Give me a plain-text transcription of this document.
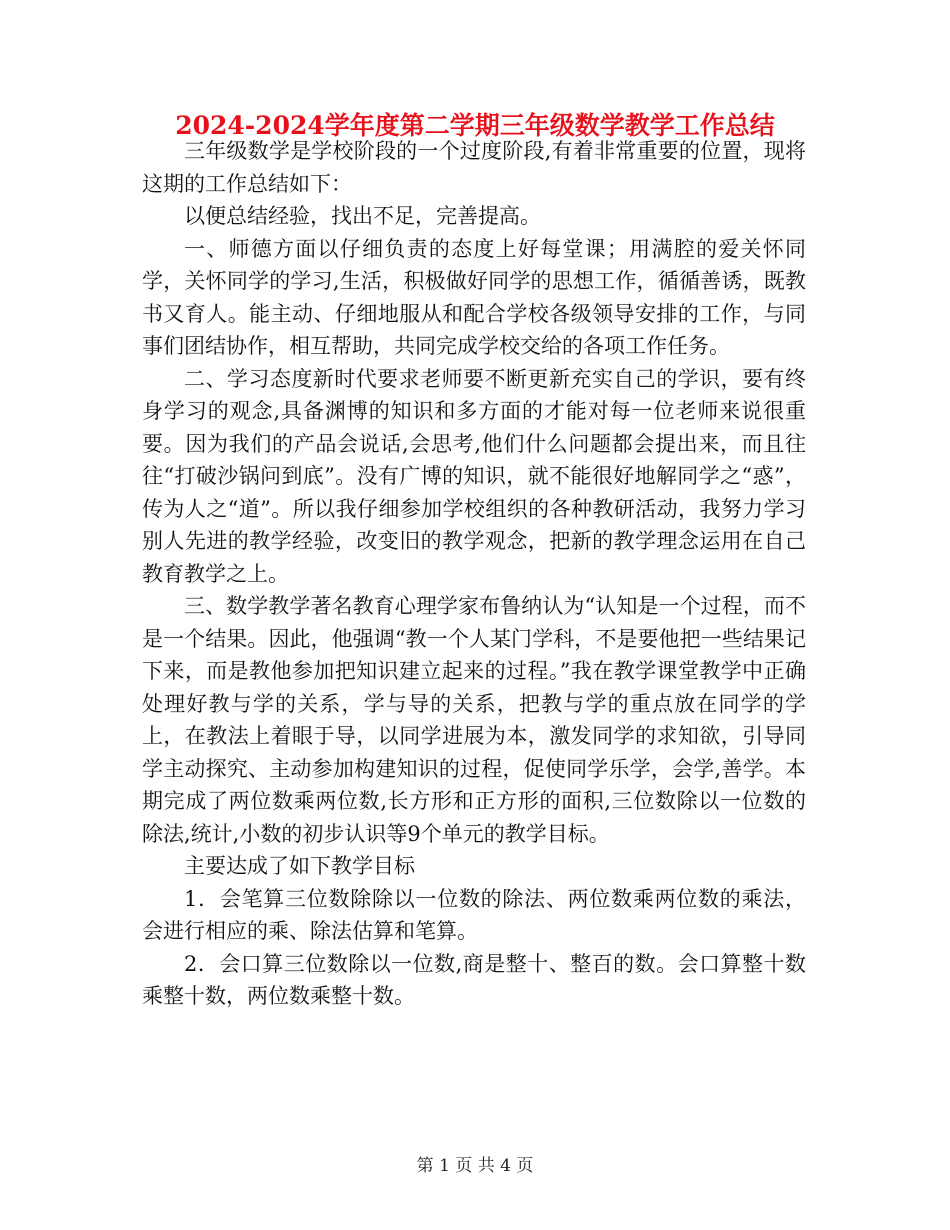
2024-2024学年度第二学期三年级数学教学工作总结

三年级数学是学校阶段的一个过度阶段,有着非常重要的位置，现将这期的工作总结如下：

以便总结经验，找出不足，完善提高。

一、师德方面以仔细负责的态度上好每堂课；用满腔的爱关怀同学，关怀同学的学习,生活，积极做好同学的思想工作，循循善诱，既教书又育人。能主动、仔细地服从和配合学校各级领导安排的工作，与同事们团结协作，相互帮助，共同完成学校交给的各项工作任务。

二、学习态度新时代要求老师要不断更新充实自己的学识，要有终身学习的观念,具备渊博的知识和多方面的才能对每一位老师来说很重要。因为我们的产品会说话,会思考,他们什么问题都会提出来，而且往往“打破沙锅问到底”。没有广博的知识，就不能很好地解同学之“惑”，传为人之“道”。所以我仔细参加学校组织的各种教研活动，我努力学习别人先进的教学经验，改变旧的教学观念，把新的教学理念运用在自己教育教学之上。

三、数学教学著名教育心理学家布鲁纳认为“认知是一个过程，而不是一个结果。因此，他强调“教一个人某门学科，不是要他把一些结果记下来，而是教他参加把知识建立起来的过程。”我在教学课堂教学中正确处理好教与学的关系，学与导的关系，把教与学的重点放在同学的学上，在教法上着眼于导，以同学进展为本，激发同学的求知欲，引导同学主动探究、主动参加构建知识的过程，促使同学乐学，会学,善学。本期完成了两位数乘两位数,长方形和正方形的面积,三位数除以一位数的除法,统计,小数的初步认识等9个单元的教学目标。

主要达成了如下教学目标

1．会笔算三位数除除以一位数的除法、两位数乘两位数的乘法，会进行相应的乘、除法估算和笔算。

2．会口算三位数除以一位数,商是整十、整百的数。会口算整十数乘整十数，两位数乘整十数。

第 1 页 共 4 页
